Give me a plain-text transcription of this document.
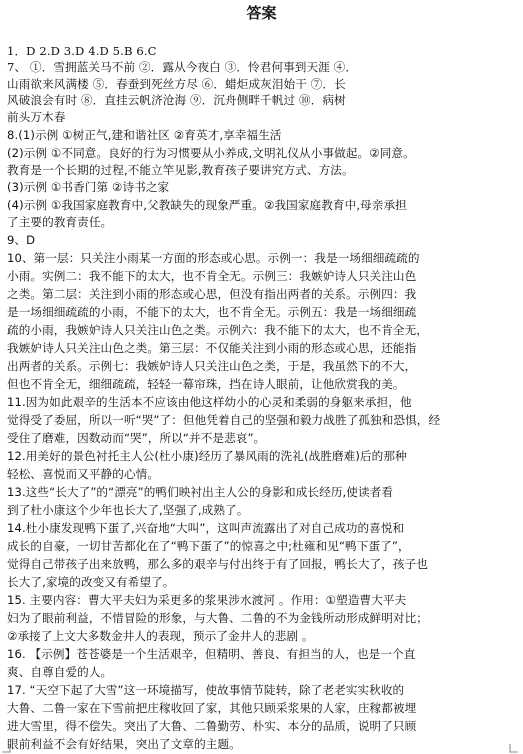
答案
1．D 2.D 3.D 4.D 5.B 6.C
7、 ①．雪拥蓝关马不前 ②．露从今夜白 ③．怜君何事到天涯 ④．
山雨欲来风满楼 ⑤．春蚕到死丝方尽 ⑥．蜡炬成灰泪始干 ⑦．长
风破浪会有时 ⑧．直挂云帆济沧海 ⑨．沉舟侧畔千帆过 ⑩．病树
前头万木春
8.(1)示例 ①树正气,建和谐社区 ②育英才,享幸福生活
(2)示例 ①不同意。良好的行为习惯要从小养成,文明礼仪从小事做起。②同意。
教育是一个长期的过程,不能立竿见影,教育孩子要讲究方式、方法。
(3)示例 ①书香门第 ②诗书之家
(4)示例 ①我国家庭教育中,父教缺失的现象严重。②我国家庭教育中,母亲承担
了主要的教育责任。
9、D
10、第一层：只关注小雨某一方面的形态或心思。示例一：我是一场细细疏疏的
小雨。实例二：我不能下的太大，也不肯全无。示例三：我嫉妒诗人只关注山色
之类。第二层：关注到小雨的形态或心思，但没有指出两者的关系。示例四：我
是一场细细疏疏的小雨，不能下的太大，也不肯全无。示例五：我是一场细细疏
疏的小雨，我嫉妒诗人只关注山色之类。示例六：我不能下的太大，也不肯全无，
我嫉妒诗人只关注山色之类。第三层：不仅能关注到小雨的形态或心思，还能指
出两者的关系。示例七：我嫉妒诗人只关注山色之类，于是，我虽然下的不大，
但也不肯全无，细细疏疏，轻轻一幕帘珠，挡在诗人眼前，让他欣赏我的美。
11.因为如此艰辛的生活本不应该由他这样幼小的心灵和柔弱的身躯来承担，他
觉得受了委屈，所以一听“哭”了：但他凭着自己的坚强和毅力战胜了孤独和恐惧，经
受住了磨难，因数动而“哭”，所以“并不是悲哀”。
12.用美好的景色衬托主人公(杜小康)经历了暴风雨的洗礼(战胜磨难)后的那种
轻松、喜悦而又平静的心情。
13.这些“长大了”的“漂亮”的鸭们映衬出主人公的身影和成长经历,使读者看
到了杜小康这个少年也长大了,坚强了,成熟了。
14.杜小康发现鸭下蛋了,兴奋地“大叫”，这叫声流露出了对自己成功的喜悦和
成长的自豪，一切甘苦都化在了“鸭下蛋了”的惊喜之中;杜雍和见“鸭下蛋了”，
觉得自己带孩子出来放鸭，那么多的艰辛与付出终于有了回报，鸭长大了，孩子也
长大了,家境的改变又有希望了。
15. 主要内容：曹大平夫妇为采更多的浆果涉水渡河 。作用：①塑造曹大平夫
妇为了眼前利益，不惜冒险的形象，与大鲁、二鲁的不为金钱所动形成鲜明对比；
②承接了上文大多数金井人的表现，预示了金井人的悲剧 。
16. 【示例】苍苍婆是一个生活艰辛，但精明、善良、有担当的人，也是一个直
爽、自尊自爱的人。
17. “天空下起了大雪”这一环境描写，使故事情节陡转，除了老老实实秋收的
大鲁、二鲁一家在下雪前把庄稼收回了家，其他只顾采浆果的人家，庄稼都被埋
进大雪里，得不偿失。突出了大鲁、二鲁勤劳、朴实、本分的品质，说明了只顾
眼前利益不会有好结果，突出了文章的主题。
